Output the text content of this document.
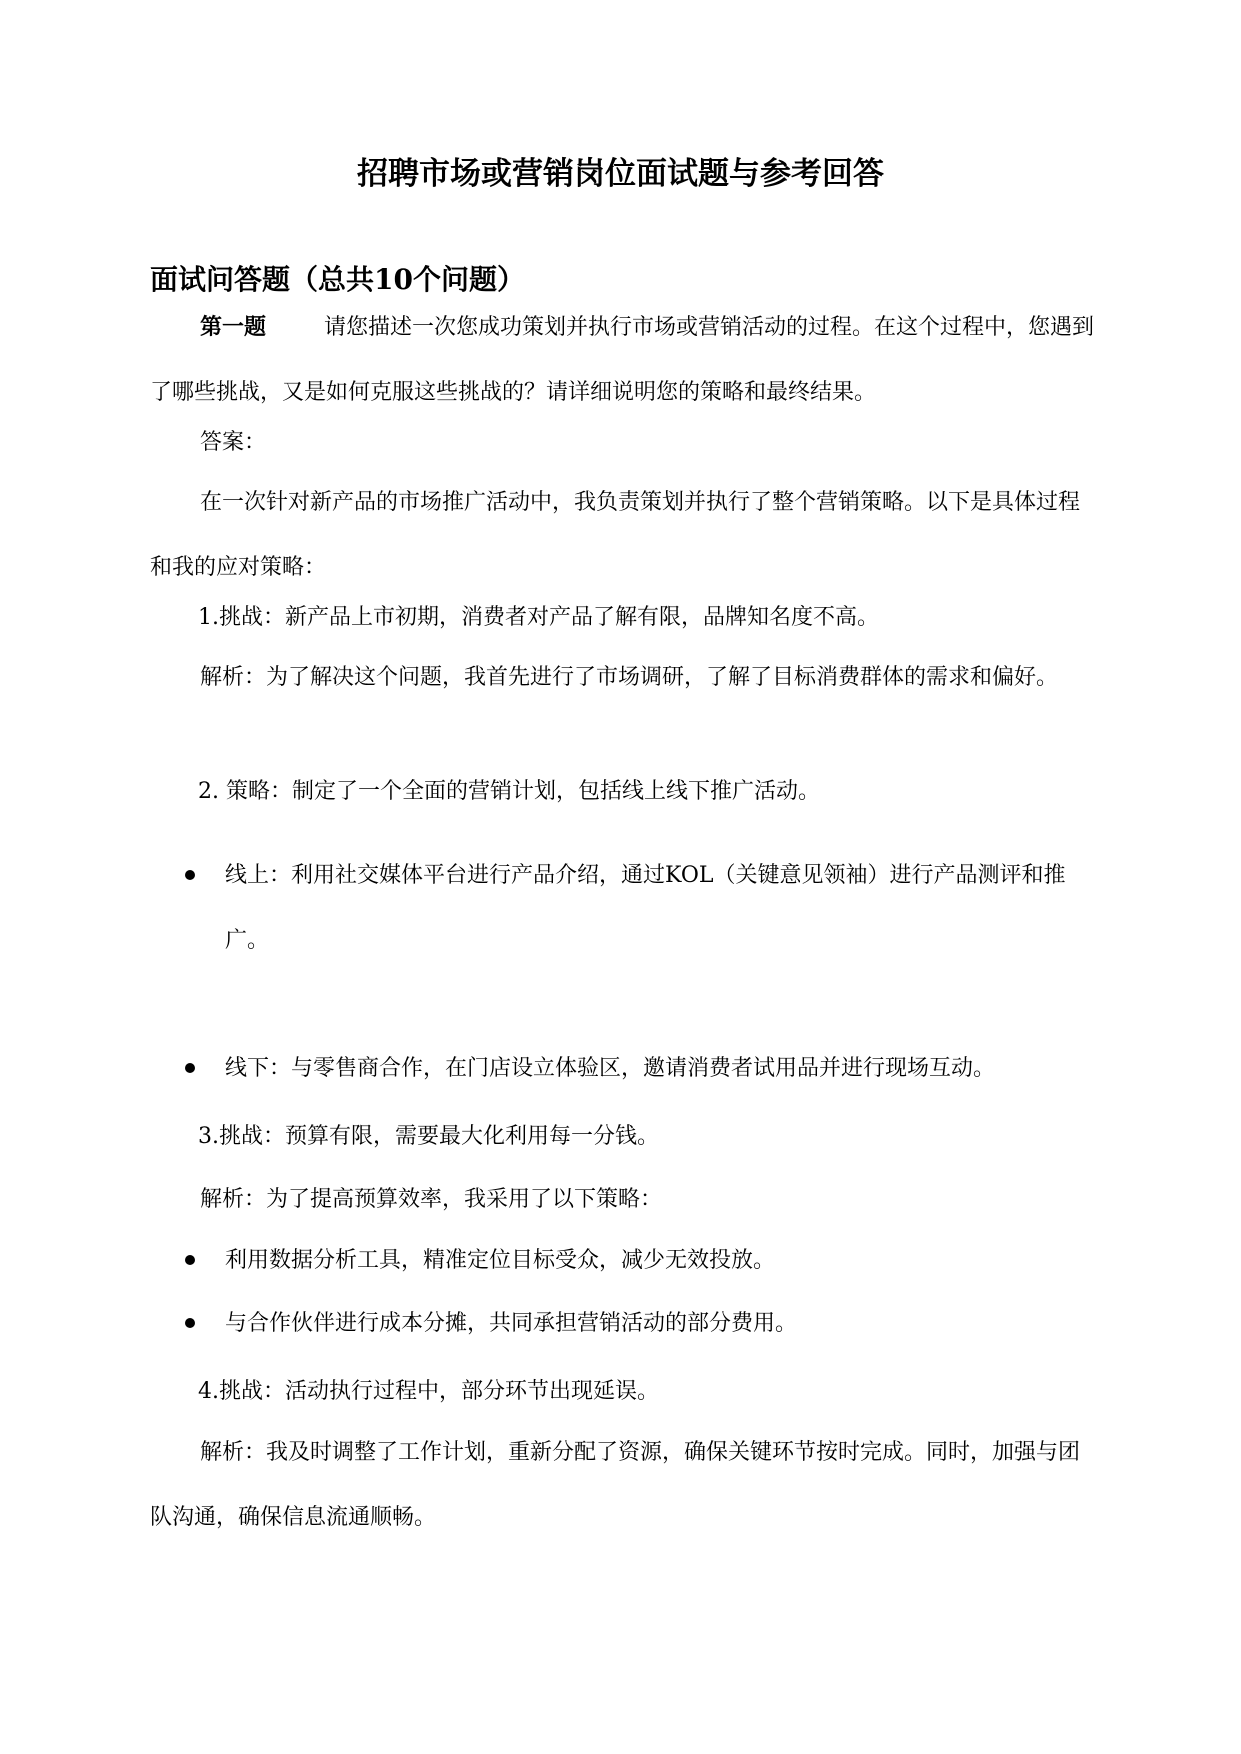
招聘市场或营销岗位面试题与参考回答
面试问答题（总共10个问题）
第一题	请您描述一次您成功策划并执行市场或营销活动的过程。在这个过程中，您遇到了哪些挑战，又是如何克服这些挑战的？请详细说明您的策略和最终结果。
答案：
在一次针对新产品的市场推广活动中，我负责策划并执行了整个营销策略。以下是具体过程和我的应对策略：
1.挑战：新产品上市初期，消费者对产品了解有限，品牌知名度不高。
解析：为了解决这个问题，我首先进行了市场调研，了解了目标消费群体的需求和偏好。
2. 策略：制定了一个全面的营销计划，包括线上线下推广活动。
线上：利用社交媒体平台进行产品介绍，通过KOL（关键意见领袖）进行产品测评和推广。
线下：与零售商合作，在门店设立体验区，邀请消费者试用品并进行现场互动。
3.挑战：预算有限，需要最大化利用每一分钱。
解析：为了提高预算效率，我采用了以下策略：
利用数据分析工具，精准定位目标受众，减少无效投放。
与合作伙伴进行成本分摊，共同承担营销活动的部分费用。
4.挑战：活动执行过程中，部分环节出现延误。
解析：我及时调整了工作计划，重新分配了资源，确保关键环节按时完成。同时，加强与团队沟通，确保信息流通顺畅。
